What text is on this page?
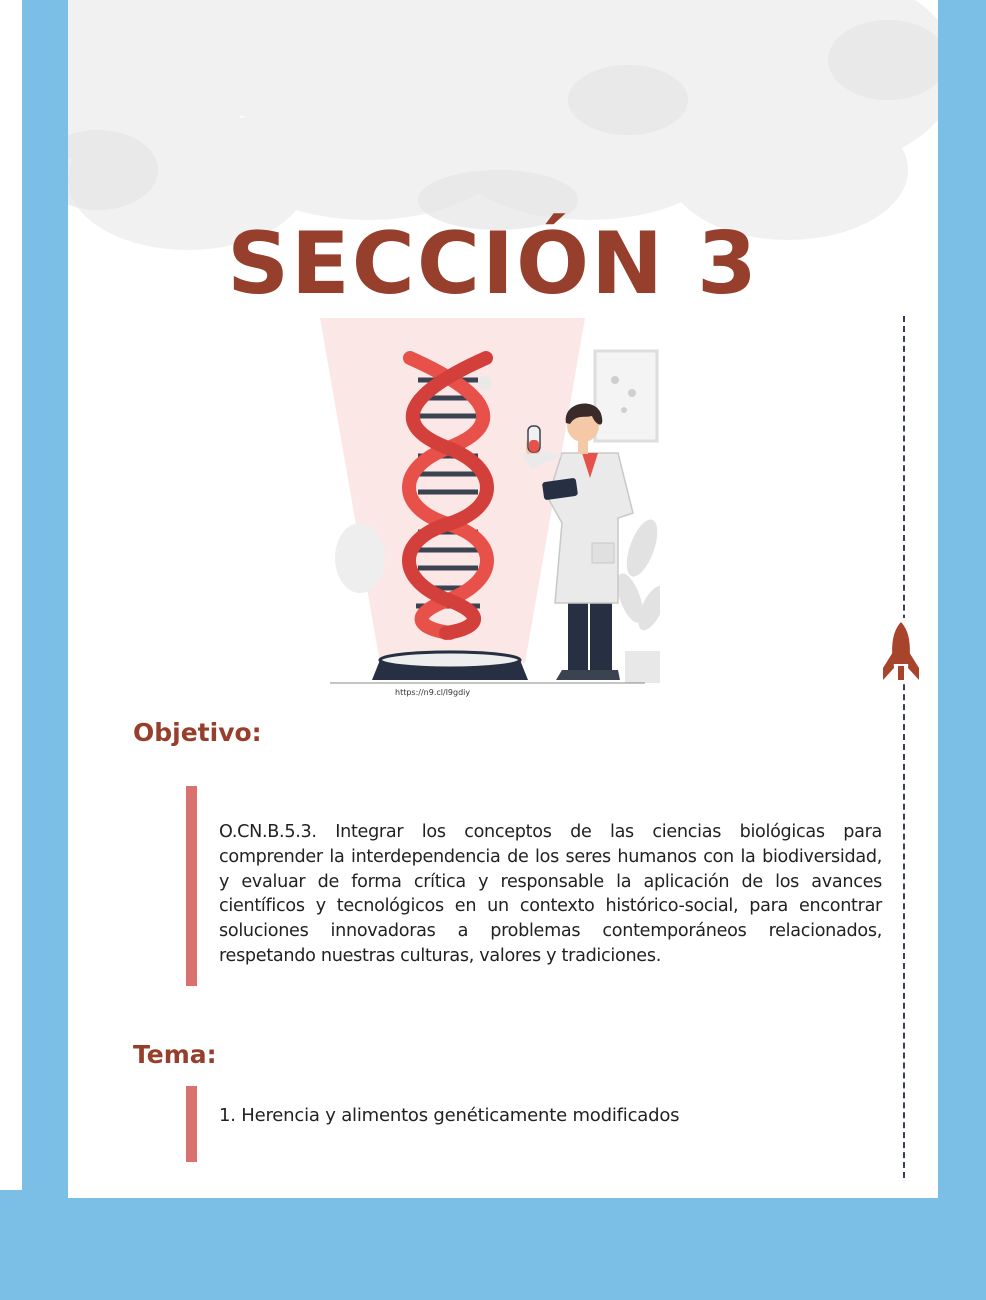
SECCIÓN 3
https://n9.cl/l9gdiy
Objetivo:

O.CN.B.5.3. Integrar los conceptos de las ciencias biológicas para comprender la interdependencia de los seres humanos con la biodiversidad, y evaluar de forma crítica y responsable la aplicación de los avances científicos y tecnológicos en un contexto histórico-social, para encontrar soluciones innovadoras a problemas contemporáneos relacionados, respetando nuestras culturas, valores y tradiciones.

Tema:

1. Herencia y alimentos genéticamente modificados
